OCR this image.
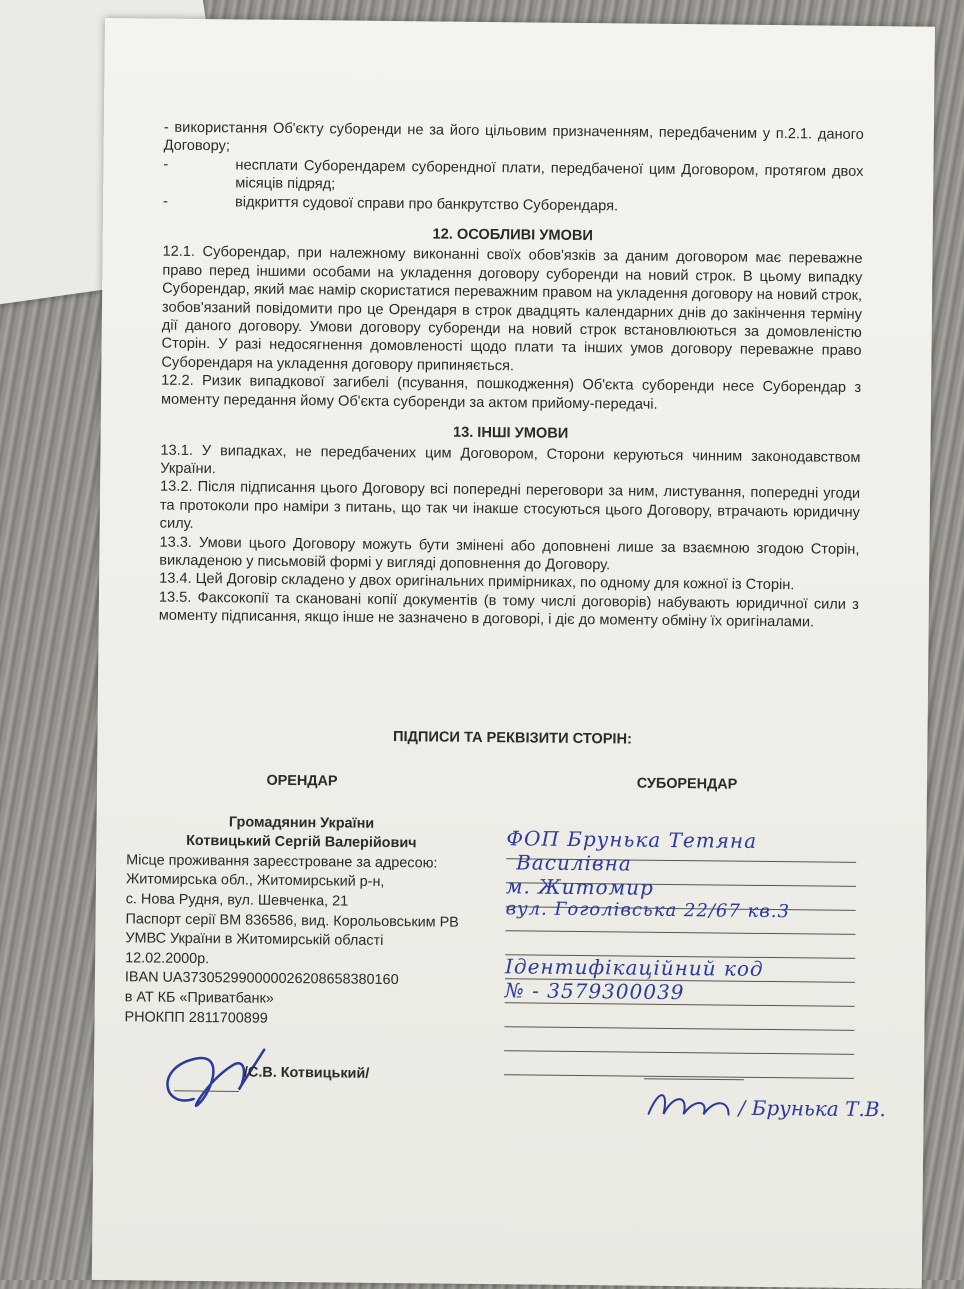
- використання Об'єкту суборенди не за його цільовим призначенням, передбаченим у п.2.1. даного Договору;

-	несплати Суборендарем суборендної плати, передбаченої цим Договором, протягом двох місяців підряд;

-	відкриття судової справи про банкрутство Суборендаря.

12. ОСОБЛИВІ УМОВИ

12.1. Суборендар, при належному виконанні своїх обов'язків за даним договором має переважне право перед іншими особами на укладення договору суборенди на новий строк. В цьому випадку Суборендар, який має намір скористатися переважним правом на укладення договору на новий строк, зобов'язаний повідомити про це Орендаря в строк двадцять календарних днів до закінчення терміну дії даного договору. Умови договору суборенди на новий строк встановлюються за домовленістю Сторін. У разі недосягнення домовленості щодо плати та інших умов договору переважне право Суборендаря на укладення договору припиняється.

12.2. Ризик випадкової загибелі (псування, пошкодження) Об'єкта суборенди несе Суборендар з моменту передання йому Об'єкта суборенди за актом прийому-передачі.

13. ІНШІ УМОВИ

13.1. У випадках, не передбачених цим Договором, Сторони керуються чинним законодавством України.

13.2. Після підписання цього Договору всі попередні переговори за ним, листування, попередні угоди та протоколи про наміри з питань, що так чи інакше стосуються цього Договору, втрачають юридичну силу.

13.3. Умови цього Договору можуть бути змінені або доповнені лише за взаємною згодою Сторін, викладеною у письмовій формі у вигляді доповнення до Договору.

13.4. Цей Договір складено у двох оригінальних примірниках, по одному для кожної із Сторін.

13.5. Факсокопії та скановані копії документів (в тому числі договорів) набувають юридичної сили з моменту підписання, якщо інше не зазначено в договорі, і діє до моменту обміну їх оригіналами.

ПІДПИСИ ТА РЕКВІЗИТИ СТОРІН:
ОРЕНДАР
Громадянин України
Котвицький Сергій Валерійович
Місце проживання зареєстроване за адресою:
Житомирська обл., Житомирський р-н,
с. Нова Рудня, вул. Шевченка, 21
Паспорт серії ВМ 836586, вид. Корольовським РВ
УМВС України в Житомирській області
12.02.2000р.
IBAN UA373052990000026208658380160
в АТ КБ «Приватбанк»
РНОКПП 2811700899
/С.В. Котвицький/
СУБОРЕНДАР
ФОП Брунька Тетяна
Василівна
м. Житомир
вул. Гоголівська 22/67 кв.3
Ідентифікаційний код
№ - 3579300039
/ Брунька Т.В.
